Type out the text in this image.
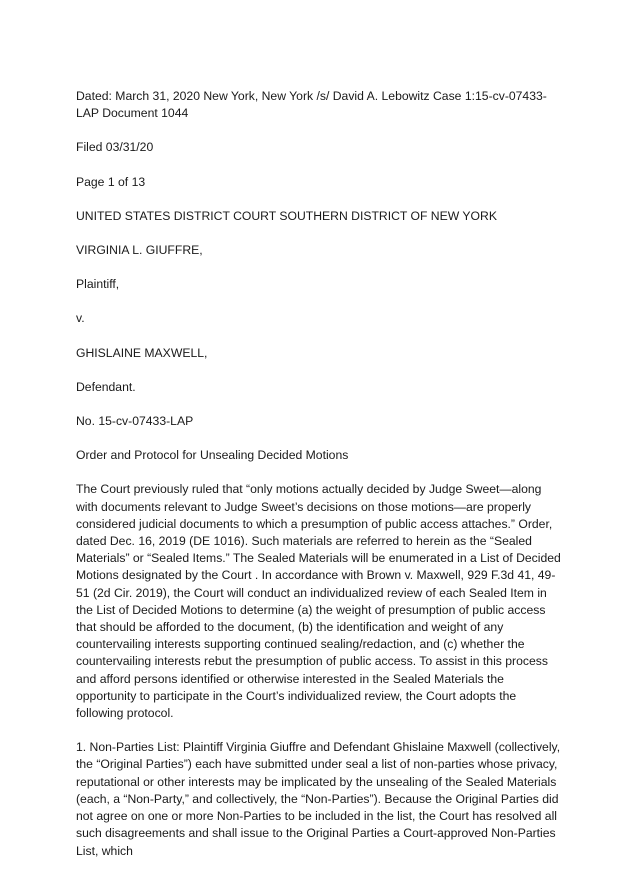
Dated: March 31, 2020 New York, New York /s/ David A. Lebowitz Case 1:15-cv-07433-LAP Document 1044

Filed 03/31/20

Page 1 of 13

UNITED STATES DISTRICT COURT SOUTHERN DISTRICT OF NEW YORK

VIRGINIA L. GIUFFRE,

Plaintiff,

v.

GHISLAINE MAXWELL,

Defendant.

No. 15-cv-07433-LAP

Order and Protocol for Unsealing Decided Motions

The Court previously ruled that “only motions actually decided by Judge Sweet—along with documents relevant to Judge Sweet’s decisions on those motions—are properly considered judicial documents to which a presumption of public access attaches.” Order, dated Dec. 16, 2019 (DE 1016). Such materials are referred to herein as the “Sealed Materials” or “Sealed Items.” The Sealed Materials will be enumerated in a List of Decided Motions designated by the Court . In accordance with Brown v. Maxwell, 929 F.3d 41, 49-51 (2d Cir. 2019), the Court will conduct an individualized review of each Sealed Item in the List of Decided Motions to determine (a) the weight of presumption of public access that should be afforded to the document, (b) the identification and weight of any countervailing interests supporting continued sealing/redaction, and (c) whether the countervailing interests rebut the presumption of public access. To assist in this process and afford persons identified or otherwise interested in the Sealed Materials the opportunity to participate in the Court’s individualized review, the Court adopts the following protocol.

1. Non-Parties List: Plaintiff Virginia Giuffre and Defendant Ghislaine Maxwell (collectively, the “Original Parties”) each have submitted under seal a list of non-parties whose privacy, reputational or other interests may be implicated by the unsealing of the Sealed Materials (each, a “Non-Party,” and collectively, the “Non-Parties”). Because the Original Parties did not agree on one or more Non-Parties to be included in the list, the Court has resolved all such disagreements and shall issue to the Original Parties a Court-approved Non-Parties List, which
